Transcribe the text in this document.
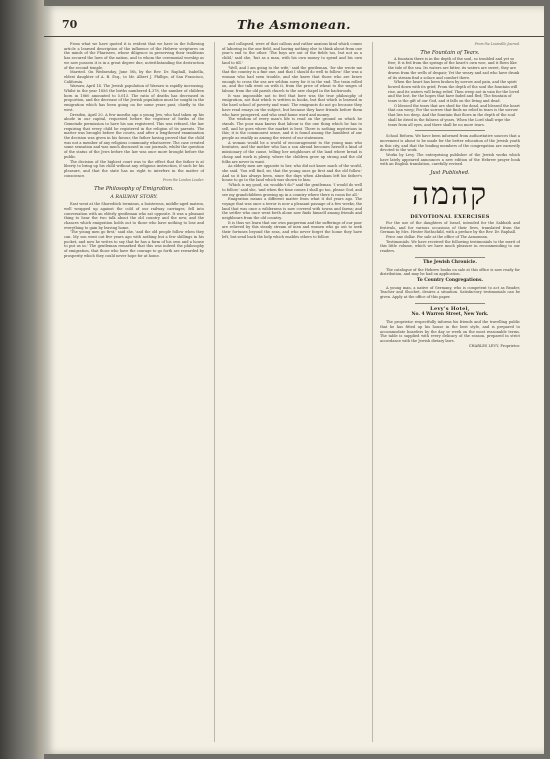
70	The Asmonean.
From what we have quoted it is evident that we have in the following article a learned description of the influence of the Hebrew scriptures on the minds of the Pharisees, whose diligence in preserving their traditions has secured the laws of the nation, and to whom the ceremonial worship as we now possess it is in a great degree due, notwithstanding the destruction of the second temple.
Married. On Wednesday, June 5th, by the Rev. Dr. Raphall, Isabella, eldest daughter of A. B. Esq., to Mr. Albert J. Phillips, of San Francisco, California.
Warsaw, April 14. The Jewish population of Warsaw is rapidly increasing. Whilst in the year 1856 the births numbered 4,378, the number of children born in 1860 amounted to 5,613. The ratio of deaths has decreased in proportion, and the decrease of the Jewish population must be sought in the emigration which has been going on for some years past, chiefly to the west.
Dresden, April 20. A few months ago a young Jew, who had taken up his abode in our capital, requested before the registrar of births of the Gemeinde permission to have his son registered. This was refused, the law requiring that every child be registered in the religion of its parents. The matter was brought before the courts, and after a lengthened examination the decision was given in his favour, the father having proved that the child was not a member of any religious community whatsoever. The case created some sensation and was much discussed in our journals, whilst the question of the status of the Jews before the law was once more brought before the public.
The decision of the highest court was to the effect that the father is at liberty to bring up his child without any religious instruction, if such be his pleasure, and that the state has no right to interfere in the matter of conscience.
From the London Leader.
The Philosophy of Emigration.
A RAILWAY STORY.
East went at the Shoreditch terminus, a boisterous, middle-aged matron, well wrapped up against the cold of our railway carriages, fell into conversation with an elderly gentleman who sat opposite. It was a pleasant thing to hear the two talk about the old country and the new, and the chances which emigration holds out to those who have nothing to lose and everything to gain by leaving home.
'The young men go first,' said she, 'and the old people follow when they can. My son went out five years ago with nothing but a few shillings in his pocket, and now he writes to say that he has a farm of his own and a house to put us in.' The gentleman remarked that this was indeed the philosophy of emigration, that those who have the courage to go forth are rewarded by prosperity which they could never hope for at home.
and collapsed, were of that callous and rather anxious kind which comes of laboring in the one field, and having nothing else to think about from one year's end to the other. 'The boys are out of the fields too, but not as a child,' said she, 'but as a man, with his own money to spend and his own land to till.'
'Well, and I am going to the wife,' said the gentleman, 'for she wrote me that the country is a fine one, and that I should do well to follow.' She was a woman who had seen trouble, and she knew that those who are brave enough to cross the sea are seldom sorry for it in the end. The train rolled on, and the talk went on with it, from the price of wheat to the wages of labour, from the old parish church to the new chapel in the backwoods.
It was impossible not to feel that here was the true philosophy of emigration, not that which is written in books, but that which is learned in the hard school of poverty and want. The emigrants do not go because they have read essays on the subject, but because they have friends before them who have prospered, and who send home word and money.
The wisdom of every man's life is read on the ground on which he stands. The poor man knows that labour is the one thing which he has to sell, and he goes where the market is best. There is nothing mysterious in this; it is the commonest sense, and it is found among the humblest of our people as readily as among the wisest of our statesmen.
A woman would be a world of encouragement to the young man who hesitates, and the mother who has a son abroad becomes herself a kind of missionary of the cause, telling her neighbours of the land where bread is cheap and work is plenty, where the children grow up strong and the old folks are never in want.
As elderly men are opposite to her, who did not know much of the world, she said, 'You will find, sir, that the young ones go first and the old follow.' And so it has always been, since the days when Abraham left his father's house to go to the land which was shown to him.
'Which is my good, sir, wouldn't do?' said the gentleman. 'I would do well to follow,' said she, 'and when the time comes I shall go too, please God, and see my grandchildren growing up in a country where there is room for all.'
Emigration means a different matter from what it did years ago. The voyage that was once a terror is now a pleasant passage of a few weeks; the land that was once a wilderness is now covered with towns and farms; and the settler who once went forth alone now finds himself among friends and neighbours from the old country.
It is thus we learn that our own pauperism and the sufferings of our poor are relieved by this steady stream of men and women who go out to seek their fortunes beyond the seas, and who never forget the home they have left, but send back the help which enables others to follow.
From the Louisville Journal.
The Fountain of Tears.
A fountain there is in the depth of the soul, so troubled and yet so free; It is fed from the springs of the heart's own woe, and it flows like the tide of the sea. Its waters are bitter, its waters are sweet, they are drawn from the wells of despair; Yet the weary and sad who have drunk of its stream find a solace and comfort there.
When the heart has been broken by sorrow and pain, and the spirit bowed down with its grief, From the depth of the soul the fountain will rise, and its waters will bring relief. Then weep not in vain for the loved and the lost, for the hopes that have faded and fled; The fountain of tears is the gift of our God, and it falls on the living and dead.
O blessed the tears that are shed for the dead, and blessed the heart that can weep; For the sorrow that finds no relief in tears is the sorrow that lies too deep. And the fountain that flows in the depth of the soul shall be dried in the fulness of years, When the Lord shall wipe the tears from all eyes, and there shall be no more tears.
School Reform. We have been informed from authoritative sources that a movement is about to be made for the better education of the Jewish youth in this city, and that the leading members of the congregation are earnestly devoted to the work.
Works by Levy. The enterprising publisher of the Jewish works which have lately appeared announces a new edition of the Hebrew prayer book with an English translation, carefully revised.
Just Published.
קהמה
DEVOTIONAL EXERCISES
For the use of the daughters of Israel, intended for the Sabbath and festivals, and for various occasions of their lives, translated from the German by Mrs. Hester Rothschild, with a preface by the Rev. Dr. Raphall.
Price one dollar. For sale at the office of The Asmonean.
Testimonials. We have received the following testimonials to the merit of this little volume, which we have much pleasure in recommending to our readers.
The Jewish Chronicle.
The catalogue of the Hebrew books on sale at this office is now ready for distribution, and may be had on application.
To Country Congregations.
A young man, a native of Germany, who is competent to act as Reader, Teacher and Shochet, desires a situation. Satisfactory testimonials can be given. Apply at the office of this paper.
Levy's Hotel,
No. 4 Warren Street, New York.
The proprietor respectfully informs his friends and the travelling public that he has fitted up his house in the best style, and is prepared to accommodate boarders by the day or week on the most reasonable terms. The table is supplied with every delicacy of the season, prepared in strict accordance with the Jewish dietary laws.
CHARLES LEVY, Proprietor.
